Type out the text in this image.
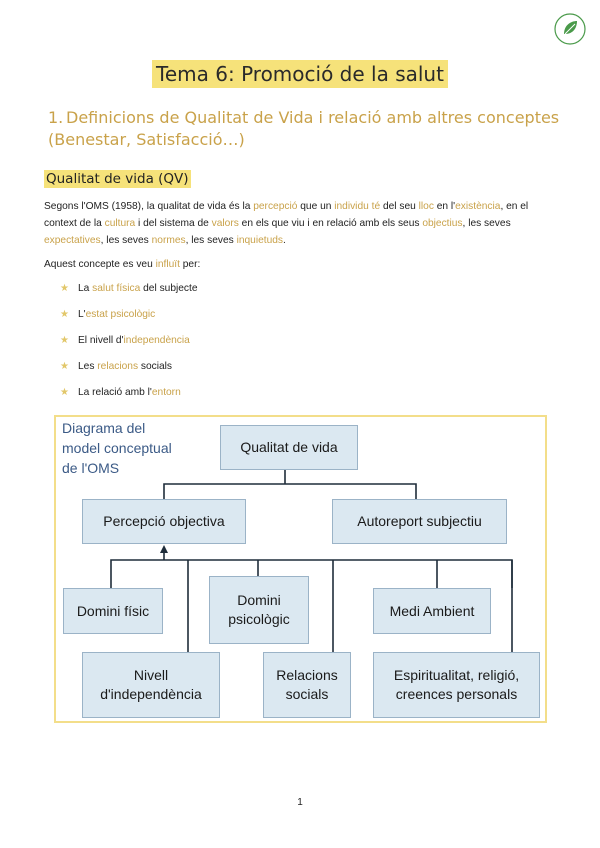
Tema 6: Promoció de la salut
1. Definicions de Qualitat de Vida i relació amb altres conceptes (Benestar, Satisfacció…)
Qualitat de vida (QV)
Segons l'OMS (1958), la qualitat de vida és la percepció que un individu té del seu lloc en l'existència, en el context de la cultura i del sistema de valors en els que viu i en relació amb els seus objectius, les seves expectatives, les seves normes, les seves inquietuds.
Aquest concepte es veu influït per:
★ La salut física del subjecte
★ L'estat psicològic
★ El nivell d'independència
★ Les relacions socials
★ La relació amb l'entorn
Diagrama del
model conceptual
de l'OMS
Qualitat de vida
Percepció objectiva	Autoreport subjectiu
Domini físic
Domini
psicològic
Medi Ambient
Nivell
d'independència
Relacions
socials
Espiritualitat, religió,
creences personals
1
